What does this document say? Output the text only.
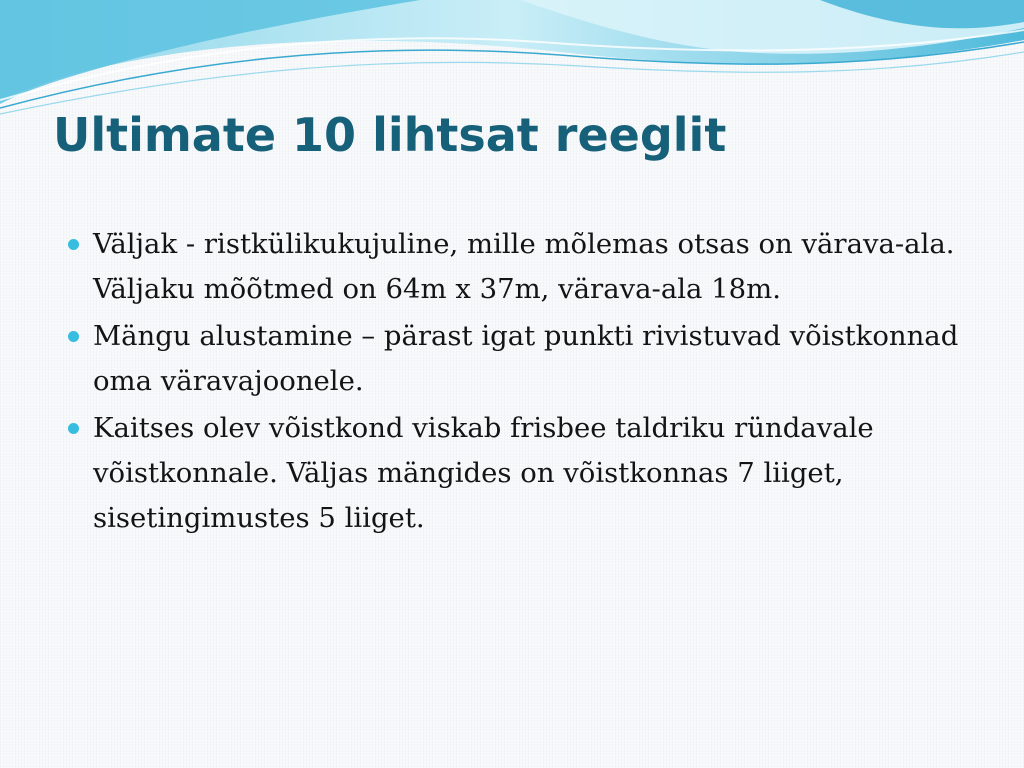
Ultimate 10 lihtsat reeglit
Väljak - ristkülikukujuline, mille mõlemas otsas on värava-ala. Väljaku mõõtmed on 64m x 37m, värava-ala 18m.
Mängu alustamine – pärast igat punkti rivistuvad võistkonnad oma väravajoonele.
Kaitses olev võistkond viskab frisbee taldriku ründavale võistkonnale. Väljas mängides on võistkonnas 7 liiget, sisetingimustes 5 liiget.
